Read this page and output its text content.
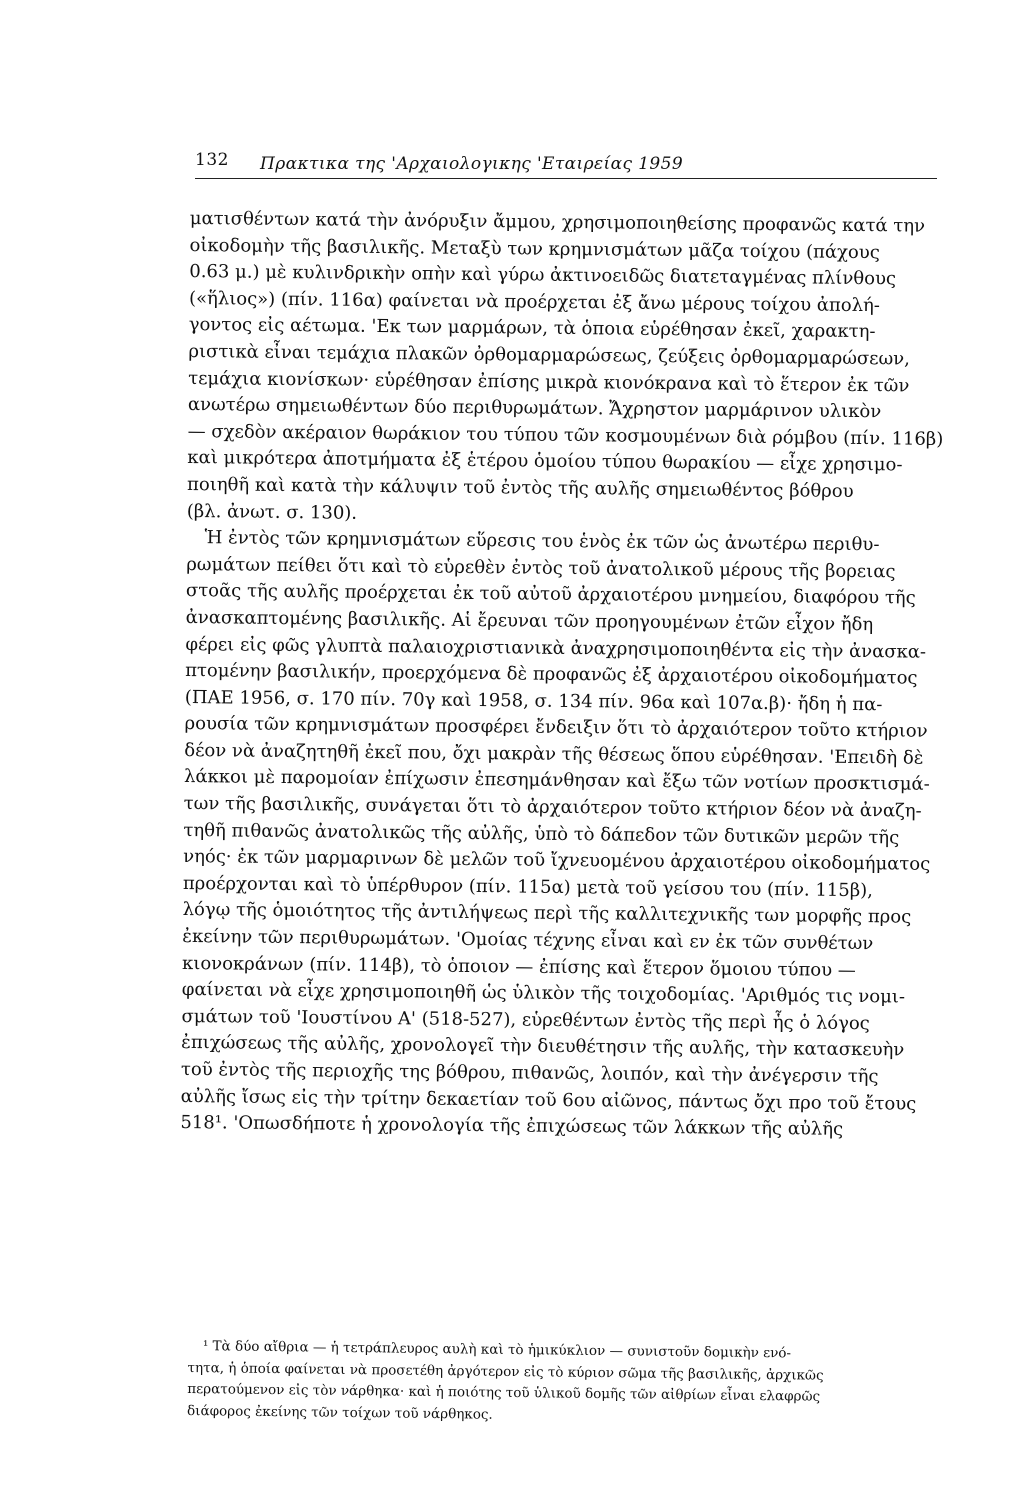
132 Πρακτικα της 'Αρχαιολογικης 'Εταιρείας 1959
ματισθέντων κατά τὴν ἀνόρυξιν ἄμμου, χρησιμοποιηθείσης προφανῶς κατά την
οἰκοδομὴν τῆς βασιλικῆς. Μεταξὺ των κρημνισμάτων μᾶζα τοίχου (πάχους
0.63 μ.) μὲ κυλινδρικὴν οπὴν καὶ γύρω ἀκτινοειδῶς διατεταγμένας πλίνθους
(«ἥλιος») (πίν. 116α) φαίνεται νὰ προέρχεται ἐξ ἄνω μέρους τοίχου ἀπολή-
γοντος εἰς αέτωμα. 'Εκ των μαρμάρων, τὰ ὁποια εὑρέθησαν ἐκεῖ, χαρακτη-
ριστικὰ εἶναι τεμάχια πλακῶν ὀρθομαρμαρώσεως, ζεύξεις ὀρθομαρμαρώσεων,
τεμάχια κιονίσκων· εὑρέθησαν ἐπίσης μικρὰ κιονόκρανα καὶ τὸ ἕτερον ἐκ τῶν
ανωτέρω σημειωθέντων δύο περιθυρωμάτων. Ἄχρηστον μαρμάρινον υλικὸν
— σχεδὸν ακέραιον θωράκιον του τύπου τῶν κοσμουμένων διὰ ρόμβου (πίν. 116β)
καὶ μικρότερα ἀποτμήματα ἐξ ἑτέρου ὁμοίου τύπου θωρακίου — εἶχε χρησιμο-
ποιηθῆ καὶ κατὰ τὴν κάλυψιν τοῦ ἐντὸς τῆς αυλῆς σημειωθέντος βόθρου
(βλ. ἀνωτ. σ. 130).
Ἡ ἐντὸς τῶν κρημνισμάτων εὕρεσις του ἑνὸς ἐκ τῶν ὡς ἀνωτέρω περιθυ-
ρωμάτων πείθει ὅτι καὶ τὸ εὑρεθὲν ἐντὸς τοῦ ἀνατολικοῦ μέρους τῆς βορειας
στοᾶς τῆς αυλῆς προέρχεται ἐκ τοῦ αὐτοῦ ἀρχαιοτέρου μνημείου, διαφόρου τῆς
ἀνασκαπτομένης βασιλικῆς. Αἱ ἔρευναι τῶν προηγουμένων ἐτῶν εἶχον ἤδη
φέρει εἰς φῶς γλυπτὰ παλαιοχριστιανικὰ ἀναχρησιμοποιηθέντα εἰς τὴν ἀνασκα-
πτομένην βασιλικήν, προερχόμενα δὲ προφανῶς ἐξ ἀρχαιοτέρου οἰκοδομήματος
(ΠΑΕ 1956, σ. 170 πίν. 70γ καὶ 1958, σ. 134 πίν. 96α καὶ 107α.β)· ἤδη ἡ πα-
ρουσία τῶν κρημνισμάτων προσφέρει ἔνδειξιν ὅτι τὸ ἀρχαιότερον τοῦτο κτήριον
δέον νὰ ἀναζητηθῆ ἐκεῖ που, ὄχι μακρὰν τῆς θέσεως ὅπου εὑρέθησαν. 'Επειδὴ δὲ
λάκκοι μὲ παρομοίαν ἐπίχωσιν ἐπεσημάνθησαν καὶ ἔξω τῶν νοτίων προσκτισμά-
των τῆς βασιλικῆς, συνάγεται ὅτι τὸ ἀρχαιότερον τοῦτο κτήριον δέον νὰ ἀναζη-
τηθῆ πιθανῶς ἀνατολικῶς τῆς αὐλῆς, ὑπὸ τὸ δάπεδον τῶν δυτικῶν μερῶν τῆς
νηός· ἐκ τῶν μαρμαρινων δὲ μελῶν τοῦ ἴχνευομένου ἀρχαιοτέρου οἰκοδομήματος
προέρχονται καὶ τὸ ὑπέρθυρον (πίν. 115α) μετὰ τοῦ γείσου του (πίν. 115β),
λόγῳ τῆς ὁμοιότητος τῆς ἀντιλήψεως περὶ τῆς καλλιτεχνικῆς των μορφῆς προς
ἐκείνην τῶν περιθυρωμάτων. 'Ομοίας τέχνης εἶναι καὶ εν ἐκ τῶν συνθέτων
κιονοκράνων (πίν. 114β), τὸ ὁποιον — ἐπίσης καὶ ἕτερον ὅμοιου τύπου —
φαίνεται νὰ εἶχε χρησιμοποιηθῆ ὡς ὑλικὸν τῆς τοιχοδομίας. 'Αριθμός τις νομι-
σμάτων τοῦ 'Ιουστίνου Α' (518-527), εὑρεθέντων ἐντὸς τῆς περὶ ἧς ὁ λόγος
ἐπιχώσεως τῆς αὐλῆς, χρονολογεῖ τὴν διευθέτησιν τῆς αυλῆς, τὴν κατασκευὴν
τοῦ ἐντὸς τῆς περιοχῆς της βόθρου, πιθανῶς, λοιπόν, καὶ τὴν ἀνέγερσιν τῆς
αὐλῆς ἴσως εἰς τὴν τρίτην δεκαετίαν τοῦ 6ου αἰῶνος, πάντως ὄχι προ τοῦ ἔτους
518¹. 'Οπωσδήποτε ἡ χρονολογία τῆς ἐπιχώσεως τῶν λάκκων τῆς αὐλῆς
¹ Τὰ δύο αἴθρια — ἡ τετράπλευρος αυλὴ καὶ τὸ ἡμικύκλιον — συνιστοῦν δομικὴν ενό-
τητα, ἡ ὁποία φαίνεται νὰ προσετέθη ἀργότερον εἰς τὸ κύριον σῶμα τῆς βασιλικῆς, ἀρχικῶς
περατούμενον εἰς τὸν νάρθηκα· καὶ ἡ ποιότης τοῦ ὑλικοῦ δομῆς τῶν αἰθρίων εἶναι ελαφρῶς
διάφορος ἐκείνης τῶν τοίχων τοῦ νάρθηκος.
